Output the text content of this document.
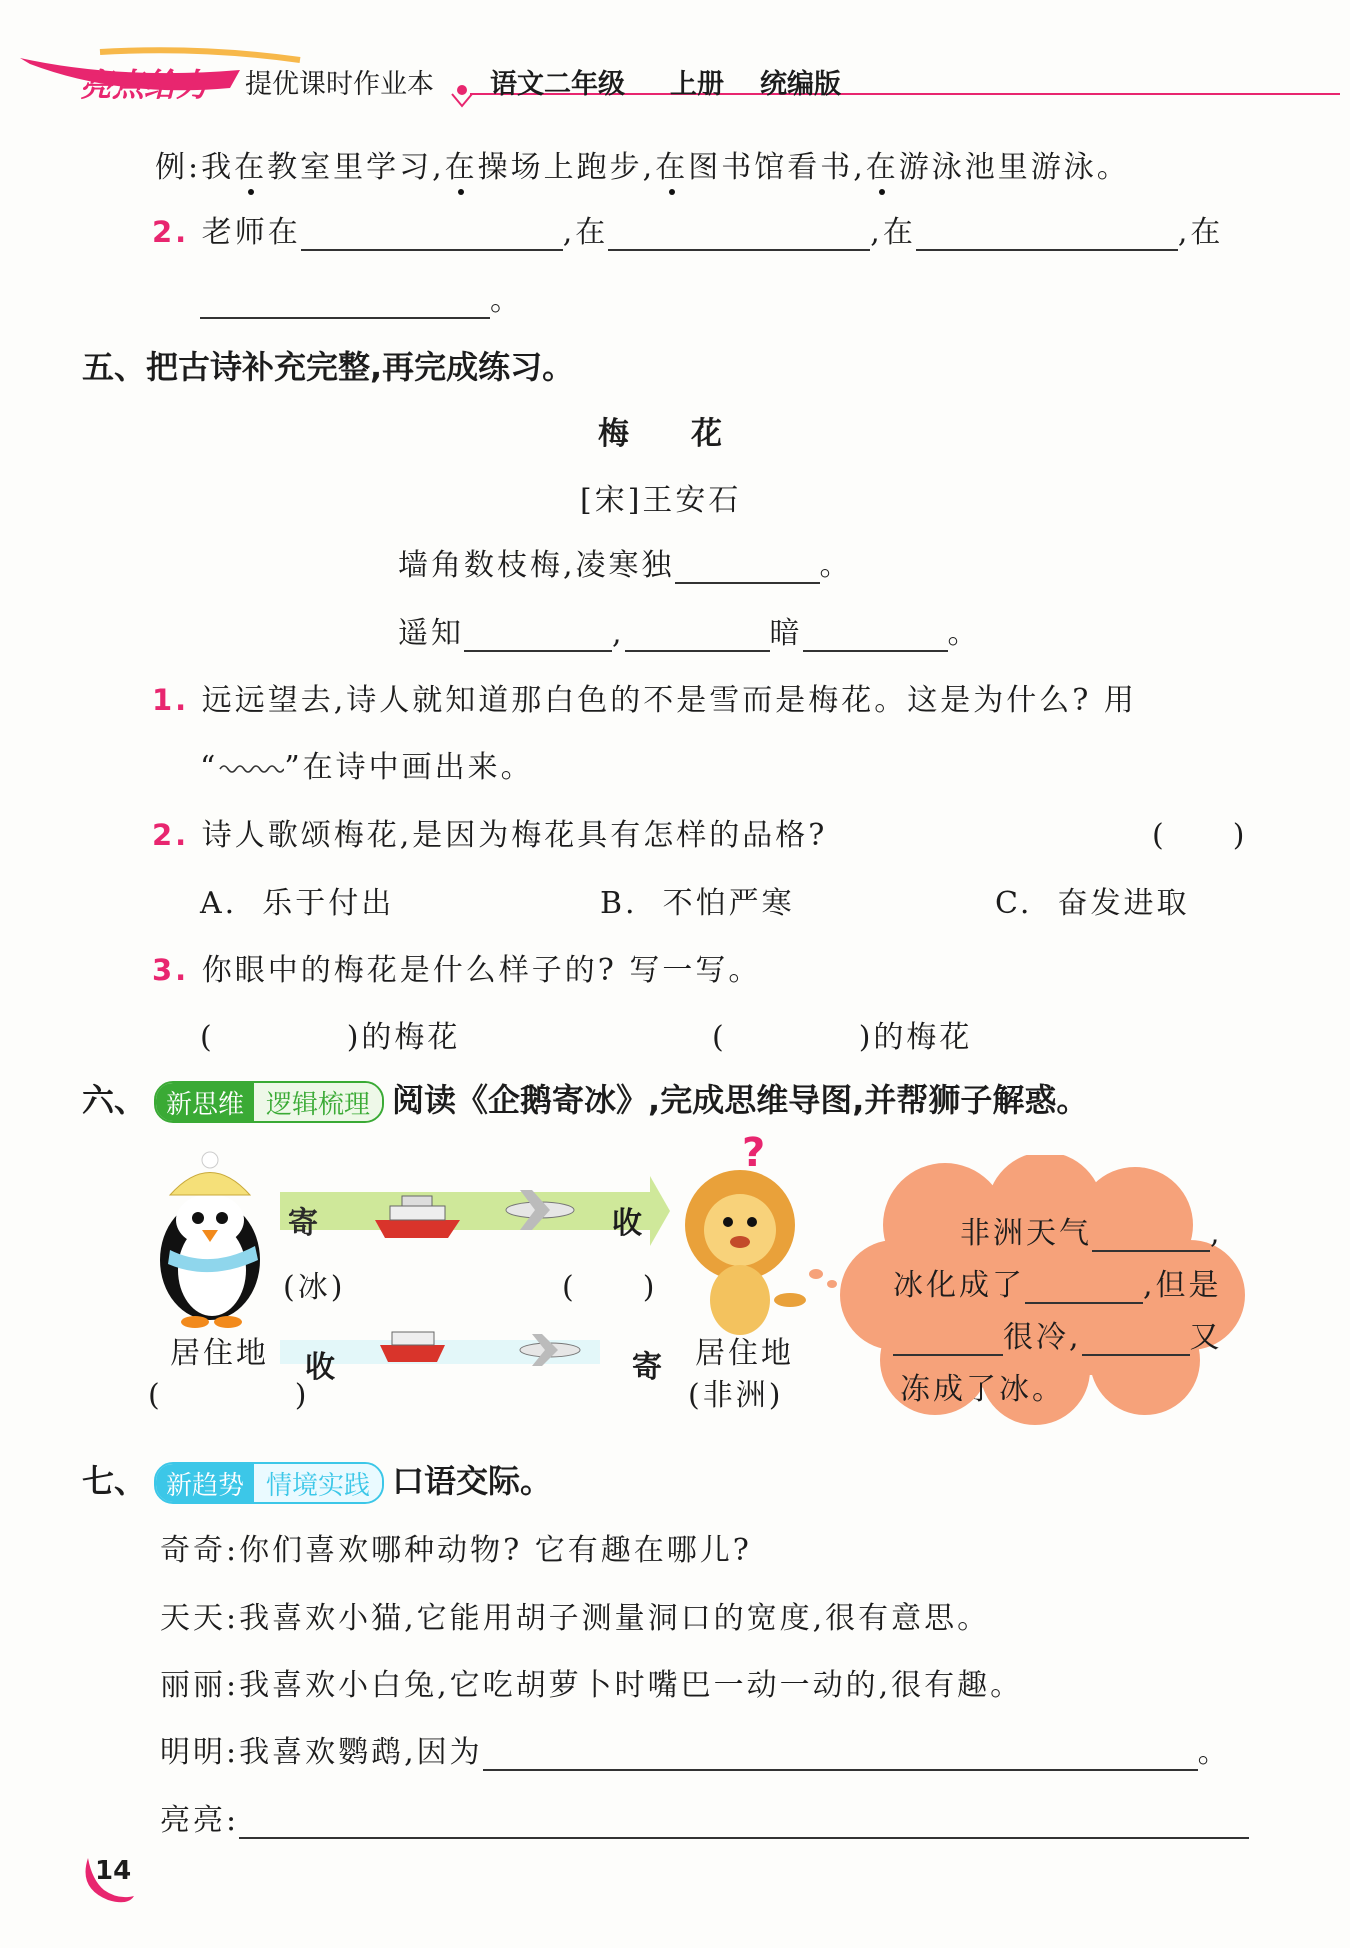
亮点给力 提优课时作业本 语文二年级 上册 统编版
例:我在教室里学习,在操场上跑步,在图书馆看书,在游泳池里游泳。
2. 老师在	,在	,在	,在
。
五、把古诗补充完整,再完成练习。
梅　　花
[宋]王安石
墙角数枝梅,凌寒独	。
遥知	,	暗	。
1. 远远望去,诗人就知道那白色的不是雪而是梅花。这是为什么? 用
“ ”在诗中画出来。
2. 诗人歌颂梅花,是因为梅花具有怎样的品格?	(　　)
A.  乐于付出	B.  不怕严寒	C.  奋发进取
3. 你眼中的梅花是什么样子的? 写一写。
(　　　　)的梅花	(　　　　)的梅花
六、 新思维 逻辑梳理 阅读《企鹅寄冰》,完成思维导图,并帮狮子解惑。
寄	收
(冰)	(　　)
居住地
(　　　　)
收	寄 居住地
(非洲)
?
非洲天气	,
冰化成了	,但是
很冷,	又
冻成了冰。
七、 新趋势 情境实践 口语交际。
奇奇:你们喜欢哪种动物? 它有趣在哪儿?
天天:我喜欢小猫,它能用胡子测量洞口的宽度,很有意思。
丽丽:我喜欢小白兔,它吃胡萝卜时嘴巴一动一动的,很有趣。
明明:我喜欢鹦鹉,因为	。
亮亮:
14
